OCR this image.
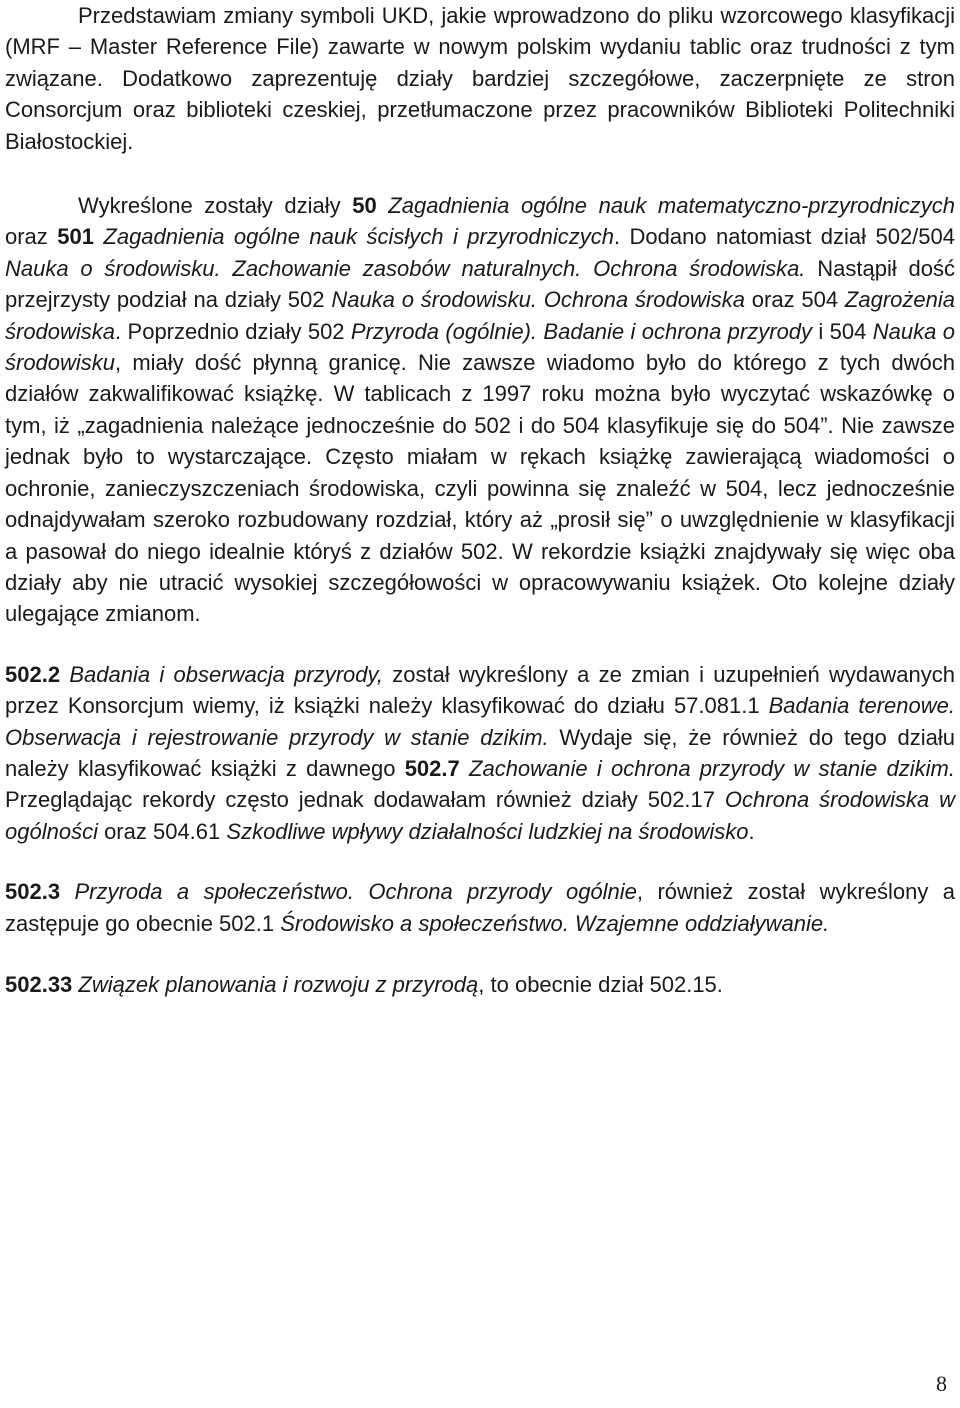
Przedstawiam zmiany symboli UKD, jakie wprowadzono do pliku wzorcowego klasyfikacji (MRF – Master Reference File) zawarte w nowym polskim wydaniu tablic oraz trudności z tym związane. Dodatkowo zaprezentuję działy bardziej szczegółowe, zaczerpnięte ze stron Consorcjum oraz biblioteki czeskiej, przetłumaczone przez pracowników Biblioteki Politechniki Białostockiej.

Wykreślone zostały działy 50 Zagadnienia ogólne nauk matematyczno-przyrodniczych oraz 501 Zagadnienia ogólne nauk ścisłych i przyrodniczych. Dodano natomiast dział 502/504 Nauka o środowisku. Zachowanie zasobów naturalnych. Ochrona środowiska. Nastąpił dość przejrzysty podział na działy 502 Nauka o środowisku. Ochrona środowiska oraz 504 Zagrożenia środowiska. Poprzednio działy 502 Przyroda (ogólnie). Badanie i ochrona przyrody i 504 Nauka o środowisku, miały dość płynną granicę. Nie zawsze wiadomo było do którego z tych dwóch działów zakwalifikować książkę. W tablicach z 1997 roku można było wyczytać wskazówkę o tym, iż „zagadnienia należące jednocześnie do 502 i do 504 klasyfikuje się do 504”. Nie zawsze jednak było to wystarczające. Często miałam w rękach książkę zawierającą wiadomości o ochronie, zanieczyszczeniach środowiska, czyli powinna się znaleźć w 504, lecz jednocześnie odnajdywałam szeroko rozbudowany rozdział, który aż „prosił się” o uwzględnienie w klasyfikacji a pasował do niego idealnie któryś z działów 502. W rekordzie książki znajdywały się więc oba działy aby nie utracić wysokiej szczegółowości w opracowywaniu książek. Oto kolejne działy ulegające zmianom.

502.2 Badania i obserwacja przyrody, został wykreślony a ze zmian i uzupełnień wydawanych przez Konsorcjum wiemy, iż książki należy klasyfikować do działu 57.081.1 Badania terenowe. Obserwacja i rejestrowanie przyrody w stanie dzikim. Wydaje się, że również do tego działu należy klasyfikować książki z dawnego 502.7 Zachowanie i ochrona przyrody w stanie dzikim. Przeglądając rekordy często jednak dodawałam również działy 502.17 Ochrona środowiska w ogólności oraz 504.61 Szkodliwe wpływy działalności ludzkiej na środowisko.

502.3 Przyroda a społeczeństwo. Ochrona przyrody ogólnie, również został wykreślony a zastępuje go obecnie 502.1 Środowisko a społeczeństwo. Wzajemne oddziaływanie.

502.33 Związek planowania i rozwoju z przyrodą, to obecnie dział 502.15.

8
